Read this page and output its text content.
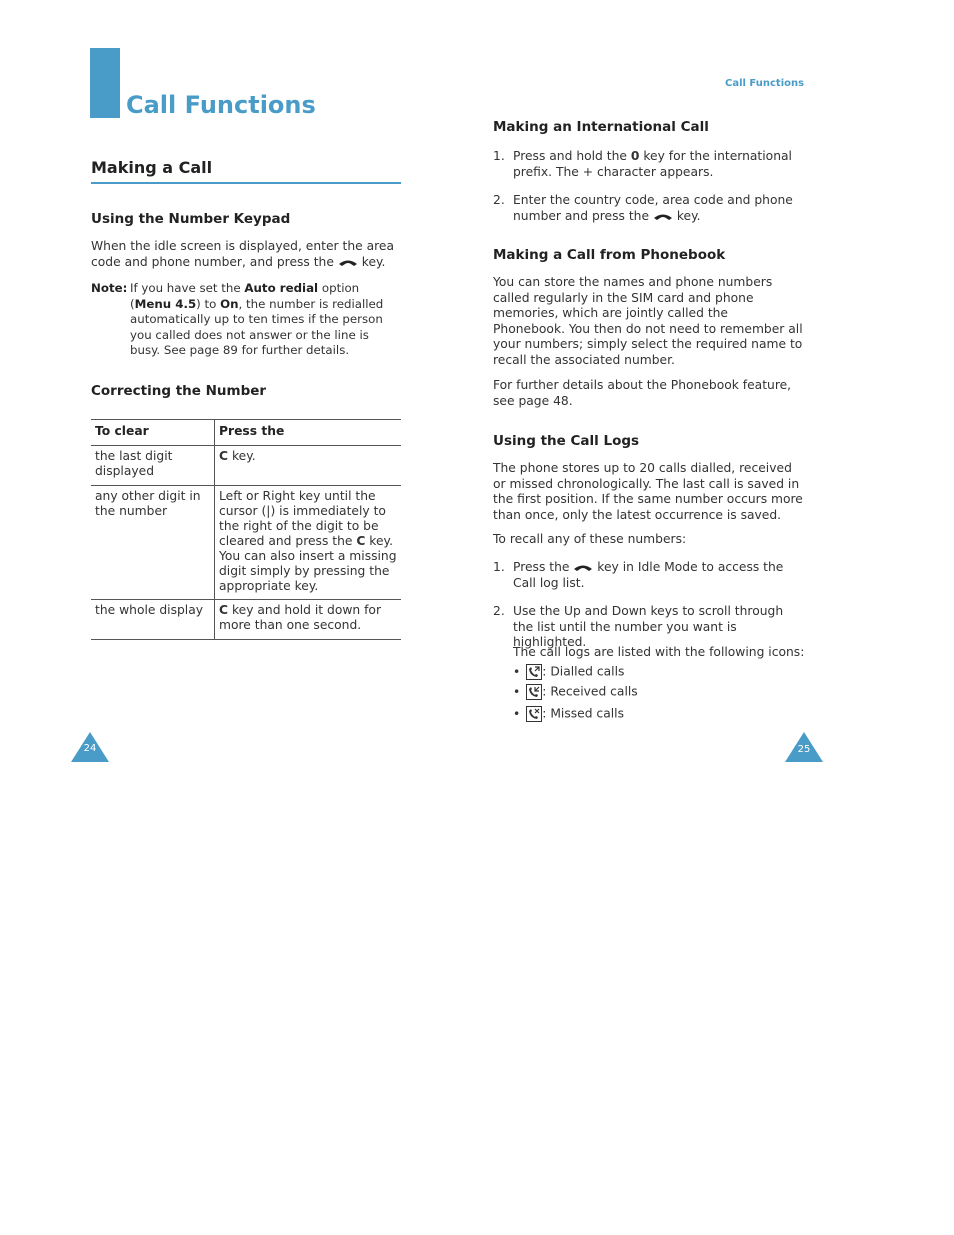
Call Functions
Call Functions
Making a Call
Using the Number Keypad

When the idle screen is displayed, enter the area code and phone number, and press the key.

Note: If you have set the Auto redial option (Menu 4.5) to On, the number is redialled automatically up to ten times if the person you called does not answer or the line is busy. See page 89 for further details.

Correcting the Number
To clear	Press the
the last digit displayed	C key.
any other digit in the number	Left or Right key until the cursor (|) is immediately to the right of the digit to be cleared and press the C key. You can also insert a missing digit simply by pressing the appropriate key.
the whole display	C key and hold it down for more than one second.
24
Making an International Call
1. Press and hold the 0 key for the international prefix. The + character appears.

2. Enter the country code, area code and phone number and press the key.

Making a Call from Phonebook

You can store the names and phone numbers called regularly in the SIM card and phone memories, which are jointly called the Phonebook. You then do not need to remember all your numbers; simply select the required name to recall the associated number.

For further details about the Phonebook feature, see page 48.

Using the Call Logs

The phone stores up to 20 calls dialled, received or missed chronologically. The last call is saved in the first position. If the same number occurs more than once, only the latest occurrence is saved.

To recall any of these numbers:

1. Press the key in Idle Mode to access the Call log list.

2. Use the Up and Down keys to scroll through the list until the number you want is highlighted.

The call logs are listed with the following icons:

• : Dialled calls
• : Received calls
• : Missed calls
25
